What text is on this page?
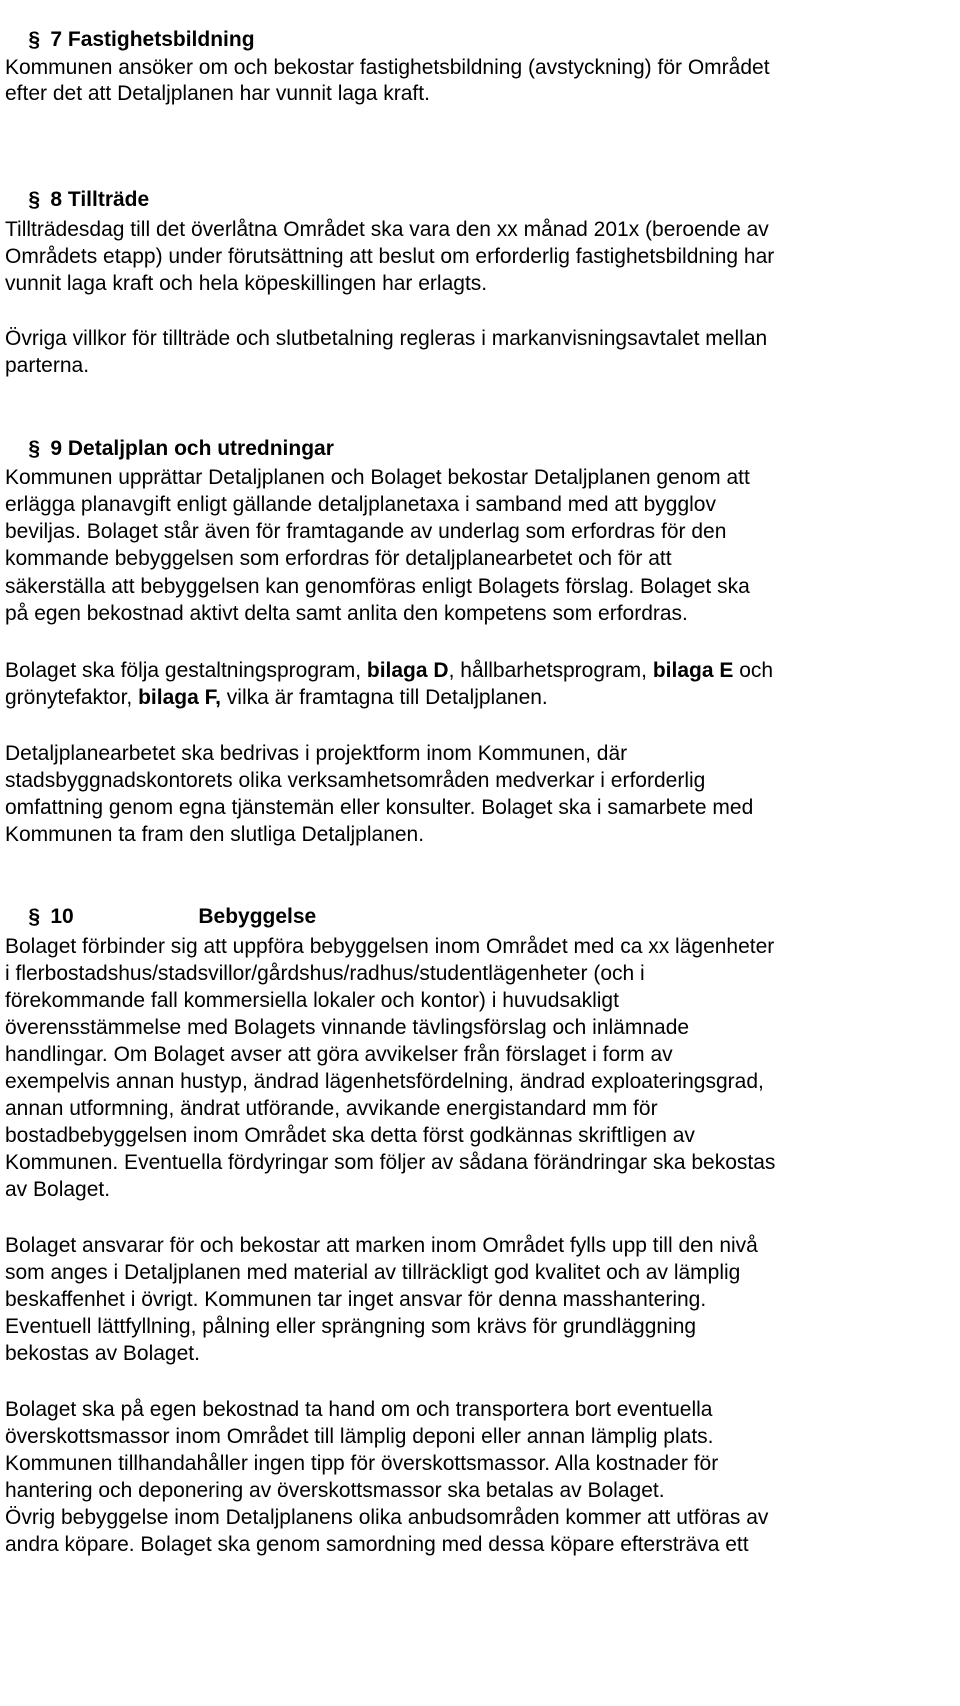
§ 7 Fastighetsbildning

Kommunen ansöker om och bekostar fastighetsbildning (avstyckning) för Området
efter det att Detaljplanen har vunnit laga kraft.

§ 8 Tillträde

Tillträdesdag till det överlåtna Området ska vara den xx månad 201x (beroende av
Områdets etapp) under förutsättning att beslut om erforderlig fastighetsbildning har
vunnit laga kraft och hela köpeskillingen har erlagts.
Övriga villkor för tillträde och slutbetalning regleras i markanvisningsavtalet mellan
parterna.

§ 9 Detaljplan och utredningar

Kommunen upprättar Detaljplanen och Bolaget bekostar Detaljplanen genom att
erlägga planavgift enligt gällande detaljplanetaxa i samband med att bygglov
beviljas. Bolaget står även för framtagande av underlag som erfordras för den
kommande bebyggelsen som erfordras för detaljplanearbetet och för att
säkerställa att bebyggelsen kan genomföras enligt Bolagets förslag. Bolaget ska
på egen bekostnad aktivt delta samt anlita den kompetens som erfordras.
Bolaget ska följa gestaltningsprogram, bilaga D, hållbarhetsprogram, bilaga E och
grönytefaktor, bilaga F, vilka är framtagna till Detaljplanen.
Detaljplanearbetet ska bedrivas i projektform inom Kommunen, där
stadsbyggnadskontorets olika verksamhetsområden medverkar i erforderlig
omfattning genom egna tjänstemän eller konsulter. Bolaget ska i samarbete med
Kommunen ta fram den slutliga Detaljplanen.

§ 10	Bebyggelse

Bolaget förbinder sig att uppföra bebyggelsen inom Området med ca xx lägenheter
i flerbostadshus/stadsvillor/gårdshus/radhus/studentlägenheter (och i
förekommande fall kommersiella lokaler och kontor) i huvudsakligt
överensstämmelse med Bolagets vinnande tävlingsförslag och inlämnade
handlingar. Om Bolaget avser att göra avvikelser från förslaget i form av
exempelvis annan hustyp, ändrad lägenhetsfördelning, ändrad exploateringsgrad,
annan utformning, ändrat utförande, avvikande energistandard mm för
bostadbebyggelsen inom Området ska detta först godkännas skriftligen av
Kommunen. Eventuella fördyringar som följer av sådana förändringar ska bekostas
av Bolaget.
Bolaget ansvarar för och bekostar att marken inom Området fylls upp till den nivå
som anges i Detaljplanen med material av tillräckligt god kvalitet och av lämplig
beskaffenhet i övrigt. Kommunen tar inget ansvar för denna masshantering.
Eventuell lättfyllning, pålning eller sprängning som krävs för grundläggning
bekostas av Bolaget.
Bolaget ska på egen bekostnad ta hand om och transportera bort eventuella
överskottsmassor inom Området till lämplig deponi eller annan lämplig plats.
Kommunen tillhandahåller ingen tipp för överskottsmassor. Alla kostnader för
hantering och deponering av överskottsmassor ska betalas av Bolaget.
Övrig bebyggelse inom Detaljplanens olika anbudsområden kommer att utföras av
andra köpare. Bolaget ska genom samordning med dessa köpare eftersträva ett
